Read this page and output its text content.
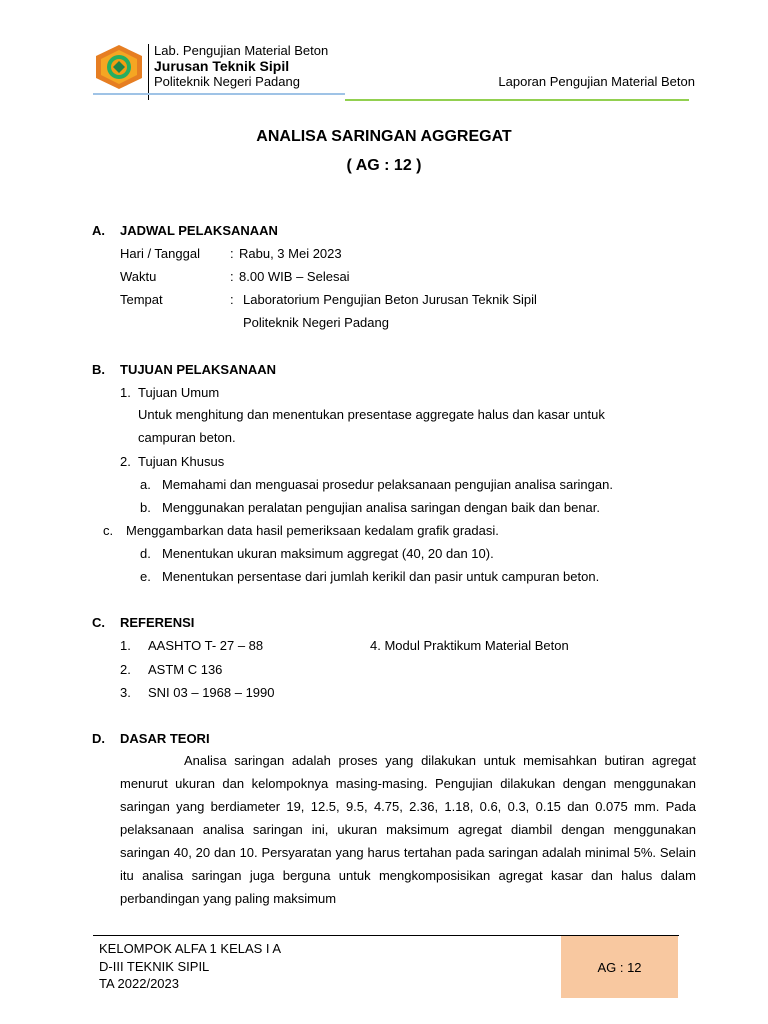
Lab. Pengujian Material Beton
Jurusan Teknik Sipil
Politeknik Negeri Padang	Laporan Pengujian Material Beton
ANALISA SARINGAN AGGREGAT
( AG : 12 )
A. JADWAL PELAKSANAAN
Hari / Tanggal : Rabu, 3 Mei 2023
Waktu	: 8.00 WIB – Selesai
Tempat	: Laboratorium Pengujian Beton Jurusan Teknik Sipil
Politeknik Negeri Padang
B. TUJUAN PELAKSANAAN
1. Tujuan Umum
Untuk menghitung dan menentukan presentase aggregate halus dan kasar untuk
campuran beton.
2. Tujuan Khusus
a. Memahami dan menguasai prosedur pelaksanaan pengujian analisa saringan.
b. Menggunakan peralatan pengujian analisa saringan dengan baik dan benar.
c. Menggambarkan data hasil pemeriksaan kedalam grafik gradasi.
d. Menentukan ukuran maksimum aggregat (40, 20 dan 10).
e. Menentukan persentase dari jumlah kerikil dan pasir untuk campuran beton.
C. REFERENSI
1. AASHTO T- 27 – 88	4. Modul Praktikum Material Beton
2. ASTM C 136
3. SNI 03 – 1968 – 1990
D. DASAR TEORI
Analisa saringan adalah proses yang dilakukan untuk memisahkan butiran agregat menurut ukuran dan kelompoknya masing-masing. Pengujian dilakukan dengan menggunakan saringan yang berdiameter 19, 12.5, 9.5, 4.75, 2.36, 1.18, 0.6, 0.3, 0.15 dan 0.075 mm. Pada pelaksanaan analisa saringan ini, ukuran maksimum agregat diambil dengan menggunakan saringan 40, 20 dan 10. Persyaratan yang harus tertahan pada saringan adalah minimal 5%. Selain itu analisa saringan juga berguna untuk mengkomposisikan agregat kasar dan halus dalam perbandingan yang paling maksimum
KELOMPOK ALFA 1 KELAS I A
D-III TEKNIK SIPIL
TA 2022/2023
AG : 12
